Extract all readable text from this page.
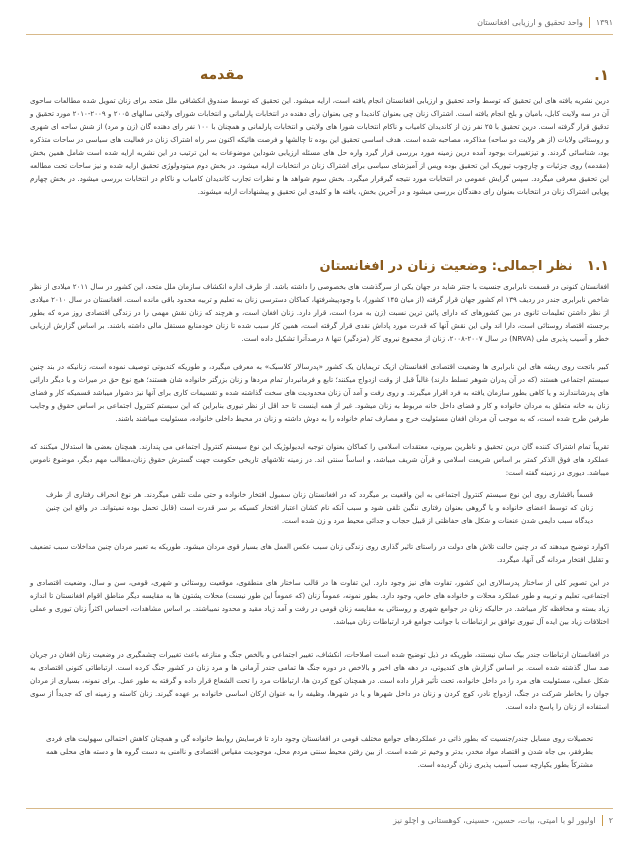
۱۳۹۱
واحد تحقیق و ارزیابی افغانستان
۱.
مقدمه

درین نشریه یافته های این تحقیق که توسط واحد تحقیق و ارزیابی افغانستان انجام یافته است، ارایه میشود. این تحقیق که توسط صندوق انکشافی ملل متحد برای زنان تمویل شده مطالعات ساحوی آن در سه ولایت کابل، بامیان و بلخ انجام یافته است. اشتراک زنان چی بعنوان کاندیدا و چی بعنوان رأی دهنده در انتخابات پارلمانی و انتخابات شورای ولایتی سالهای ۲۰۰۵ و ۲۰۰۹-۲۰۱۰ مورد تحقیق و تدقیق قرار گرفته است. درین تحقیق با ۲۵ نفر زن از کاندیدان کامیاب و ناکام انتخابات شورا های ولایتی و انتخابات پارلمانی و همچنان با ۱۰۰ نفر رای دهنده گان (زن و مرد) از شش ساحه ای شهری و روستائی ولایات (از هر ولایت دو ساحه) مذاکره، مصاحبه شده است. هدف اساسی تحقیق این بوده تا چالشها و فرصت هائیکه اکنون سر راه اشتراک زنان در فعالیت های سیاسی در ساحات متذکره بود، شناسائی گردند. و تیزتغییرات بوجود آمده درین زمینه مورد بررسی قرار گیرد واره حل های مسئله ارزیابی شوداین موضوعات به این ترتیب در این نشریه ارایه شده است شامل همین بخش (مقدمه) روی جزئیات و چارچوب تیوریک این تحقیق بوده وپس از آمیزشای سیاسی برای اشتراک زنان در انتخابات ارایه میشود. در بخش دوم میتودولوژی تحقیق ارایه شده و نیز ساحات تحت مطالعه این تحقیق معرفی میگردد. سپس گرایش عمومی در انتخابات مورد نتیجه گیرقرار میگیرد. بخش سوم شواهد ها و نظرات تجارب کاندیدان کامیاب و ناکام در انتخابات بررسی میشود. در بخش چهارم پوپایی اشتراک زنان در انتخابات بعنوان رای دهندگان بررسی میشود و در آخرین بخش، یافته ها و کلیدی این تحقیق و پیشنهادات ارایه میشوند.

۱.۱
نظر اجمالی: وضعیت زنان در افغانستان

افغانستان کنونی در قسمت نابرابری جنسیت با جنتر شاید در جهان یکی از سرگذشت های بخصوصی را داشته باشد. از طرف اداره انکشاف سازمان ملل متحد، این کشور در سال ۲۰۱۱ میلادی از نظر شاخص نابرابری جندر در ردیف ۱۳۹ ام کشور جهان قرار گرفته (از میان ۱۴۵ کشور)، با وجودپیشرفتها، کماکان دسترسی زنان به تعلیم و تربیه محدود باقی مانده است. افغانستان در سال ۲۰۱۰ میلادی از نظر داشتن تعلیمات ثانوی در بین کشورهای که دارای پائین ترین نسبت (زن به مرد) است، قرار دارد. زنان افغان است، و هرچند که زنان نقش مهمی را در زندگی اقتصادی روز مره که بطور برجسته اقتصاد روستائی است، دارا اند ولی این نقش آنها که قدرت مورد پاداش نقدی قرار گرفته است، همین کار سبب شده تا زنان خودمنابع مستقل مالی داشته باشند. بر اساس گزارش ارزیابی خطر و آسیب پذیری ملی (NRVA) در سال ۲۰۰۷-۲۰۰۸، زنان از مجموع نیروی کار (مزدگیر) تنها ۸ درصدآنرا تشکیل داده است.

کبیر باتجت روی ریشه های این نابرابری ها وضعیت اقتصادی افغانستان ازیک تریمایان یک کشور «پدرسالار کلاسیک» به معرفی میگیرد، و طوریکه کندیوتی توصیف نموده است، زنانیکه در بند چنین سیستم اجتماعی هستند (که در آن پدران شوهر تسلط دارند) غالباً قبل از وقت ازدواج میکنند؛ تابع و فرمانبردار تمام مردها و زنان بزرگتر خانواده شان هستند؛ هیچ نوع حق در میراث و یا دیگر دارائی های پدرشانندارند و یا کاهی بطور سازمان یافته به فرد اقرار میگیرند. و روی رفت و آمد آن زنان محدودیت های سخت گذاشته شده و تقسیمات کاری برای آنها نیز دشوار میباشد قسمیکه کار و فضای زنان به خانه متعلق به مردان خانواده و کار و فضای داخل خانه مربوط به زنان میشود. غیر از همه اینست تا حد اقل از نظر تیوری بنابراین که این سیستم کنترول اجتماعی بر اساس حقوق و وجایب طرفین طرح شده است، که به موجب آن مردان افغان مسئولیت خرج و مصارف تمام خانواده را به دوش داشته و زنان در محیط داخلی خانواده، مسئولیت میباشند باشند.

تقریباً تمام اشتراک کننده گان درین تحقیق و ناظرین بیرونی، معتقدات اسلامی را کماکان بعنوان توجیه ایدیولوژیک این نوع سیستم کنترول اجتماعی می پندارند. همچنان بعضی ها استدلال میکنند که عملکرد های فوق الذکر کمتر بر اساس شریعت اسلامی و قرآن شریف میباشد، و اساساً سنتی اند. در زمینه تلاشهای تاریخی حکومت جهت گسترش حقوق زنان،مطالب مهم دیگر، موضوع ناموس میباشد. دیوری در زمینه گفته است:

قسماً باقشاری روی این نوع سیستم کنترول اجتماعی به این واقعیت بر میگردد که در افغانستان زنان سمبول افتخار خانواده و حتی ملت تلقی میگردند. هر نوع انحراف رفتاری از طرف زنان که توسط اعضای خانواده و یا گروهی بعنوان رفتاری ننگین تلقی شود و سبب آنکه نام کشان اعتبار افتخار کسیکه بر سر قدرت است (قابل تحمل بوده نمیتواند. در واقع این چنین دیدگاه سبب دایمی شدن عنعنات و شکل های حفاظتی از قبیل حجاب و جدائی محیط مرد و زن شده است.

اکوارد توضیح میدهند که در چنین حالت تلاش های دولت در راستای تاثیر گذاری روی زندگی زنان سبب عکس العمل های بسیار قوی مردان میشود. طوریکه به تعبیر مردان چنین مداخلات سبب تضعیف و تقلیل افتخار مردانه گی آنها، میگردد.

در این تصویر کلی از ساختار پدرسالاری این کشور، تفاوت های نیز وجود دارد. این تفاوت ها در قالب ساختار های منطقوی، موقعیت روستائی و شهری، قومی، سن و سال، وضعیت اقتصادی و اجتماعی، تعلیم و تربیه و طور عملکرد محلات و خانواده های خاص، وجود دارد. بطور نمونه، عموماً زنان (که عموماً این طور نیست) محلات پشتون ها به مقایسه دیگر مناطق اقوام افغانستان تا اندازه زیاد بسته و محافظه کار میباشد. در حالیکه زنان در جوامع شهری و روستائی به مقایسه زنان قومی در رفت و آمد زیاد مقید و محدود نمیباشند. بر اساس مشاهدات، احساس اکثراً زنان تیوری و عملی اختلافات زیاد بین ایده آل تیوری توافق بر ارتباطات با جوانب جوامع فرد ارتباطات زنان میباشد.

در افغانستان ارتباطات جندر بیک سان نیستند، طوریکه در ذیل توضیح شده است اصلاحات، انکشاف، تغییر اجتماعی و بالخص جنگ و منازعه باعث تغییرات چشمگیری در وضعیت زنان افغان در جریان صد سال گذشته شده است. بر اساس گزارش های کندیوتی، در دهه های اخیر و بالاخص در دوره جنگ ها تمامی جندر آرمانی ها و مرد زنان در کشور جنگ کرده است. ارتباطاتی کنونی اقتصادی به شکل عملی، مسئولیت های مرد را در داخل خانواده، تحت تأثیر قرار داده است. در همچنان کوچ کردن ها، ارتباطات مرد را تحت الشعاع قرار داده و گرفته به طور عمل. برای نمونه، بسیاری از مردان جوان را بخاطر شرکت در جنگ، ازدواج نادر، کوچ کردن و زنان در داخل شهرها و یا در شهرها، وظیفه را به عنوان ارکان اساسی خانواده بر عهده گیرند. زنان کاسته و زمینه ای که جدیداً از سوی استفاده از زنان را پاسخ داده است.

تحصیلات روی مسایل جندر/جنسیت که بطور ذاتی در عملکردهای جوامع مختلف قومی در افغانستان وجود دارد تا فرسایش روابط خانواده گی و همچنان کاهش احتمالی سهولیت های فردی بطرفقر، بی جاه شدن و اقتصاد مواد مخدر، بدتر و وخیم تر شده است. از بین رفتن محیط سنتی مردم محل، موجودیت مقیاس اقتصادی و ناامنی به دست گروه ها و دسته های محلی همه مشترکاً بطور یکپارچه سبب آسیب پذیری زنان گردیده است.

۲
اولیور لو با امیتی، بیات، حسین، حسینی، کوهستانی و اچلو نیز
